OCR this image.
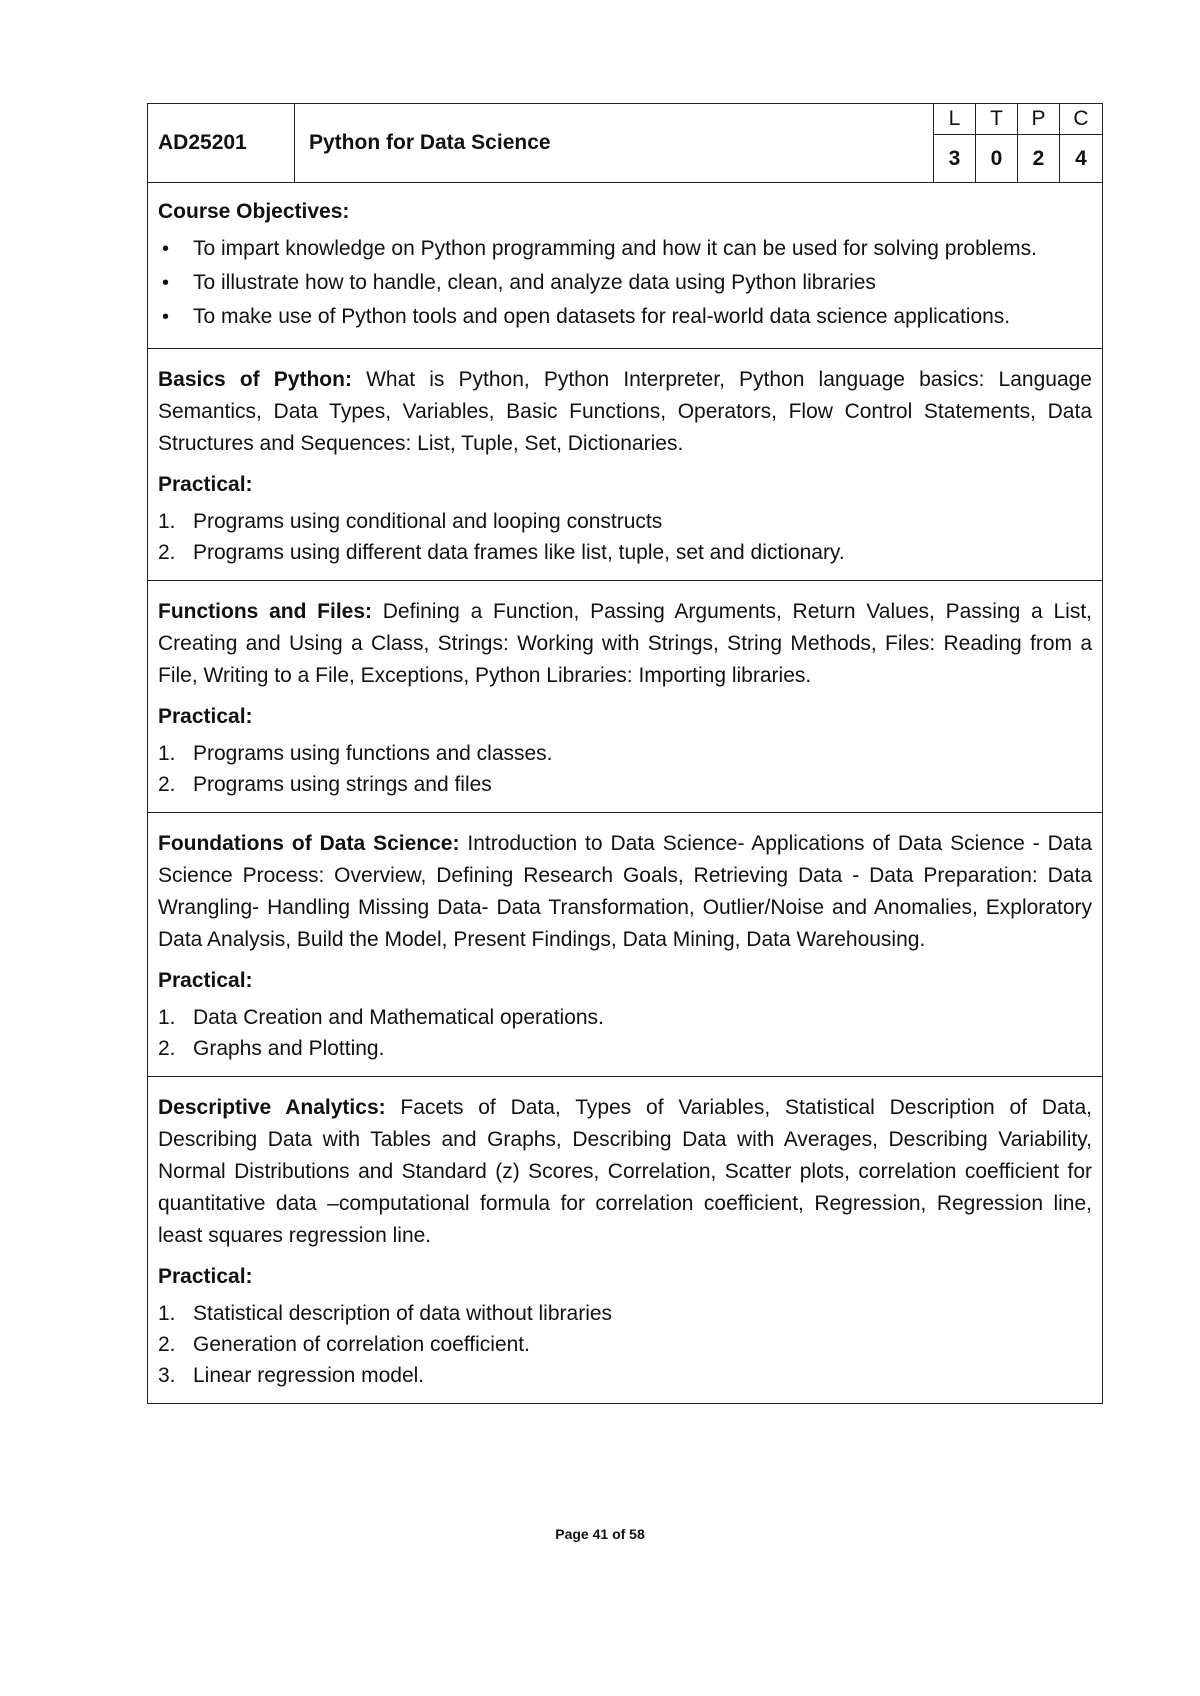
AD25201	Python for Data Science
L	T	P	C
3	0	2	4
Course Objectives:
• To impart knowledge on Python programming and how it can be used for solving problems.
• To illustrate how to handle, clean, and analyze data using Python libraries
• To make use of Python tools and open datasets for real-world data science applications.

Basics of Python: What is Python, Python Interpreter, Python language basics: Language Semantics, Data Types, Variables, Basic Functions, Operators, Flow Control Statements, Data Structures and Sequences: List, Tuple, Set, Dictionaries.

Practical:
1. Programs using conditional and looping constructs
2. Programs using different data frames like list, tuple, set and dictionary.

Functions and Files: Defining a Function, Passing Arguments, Return Values, Passing a List, Creating and Using a Class, Strings: Working with Strings, String Methods, Files: Reading from a File, Writing to a File, Exceptions, Python Libraries: Importing libraries.

Practical:
1. Programs using functions and classes.
2. Programs using strings and files

Foundations of Data Science: Introduction to Data Science- Applications of Data Science - Data Science Process: Overview, Defining Research Goals, Retrieving Data - Data Preparation: Data Wrangling- Handling Missing Data- Data Transformation, Outlier/Noise and Anomalies, Exploratory Data Analysis, Build the Model, Present Findings, Data Mining, Data Warehousing.

Practical:
1. Data Creation and Mathematical operations.
2. Graphs and Plotting.

Descriptive Analytics: Facets of Data, Types of Variables, Statistical Description of Data, Describing Data with Tables and Graphs, Describing Data with Averages, Describing Variability, Normal Distributions and Standard (z) Scores, Correlation, Scatter plots, correlation coefficient for quantitative data –computational formula for correlation coefficient, Regression, Regression line, least squares regression line.

Practical:
1. Statistical description of data without libraries
2. Generation of correlation coefficient.
3. Linear regression model.
Page 41 of 58
